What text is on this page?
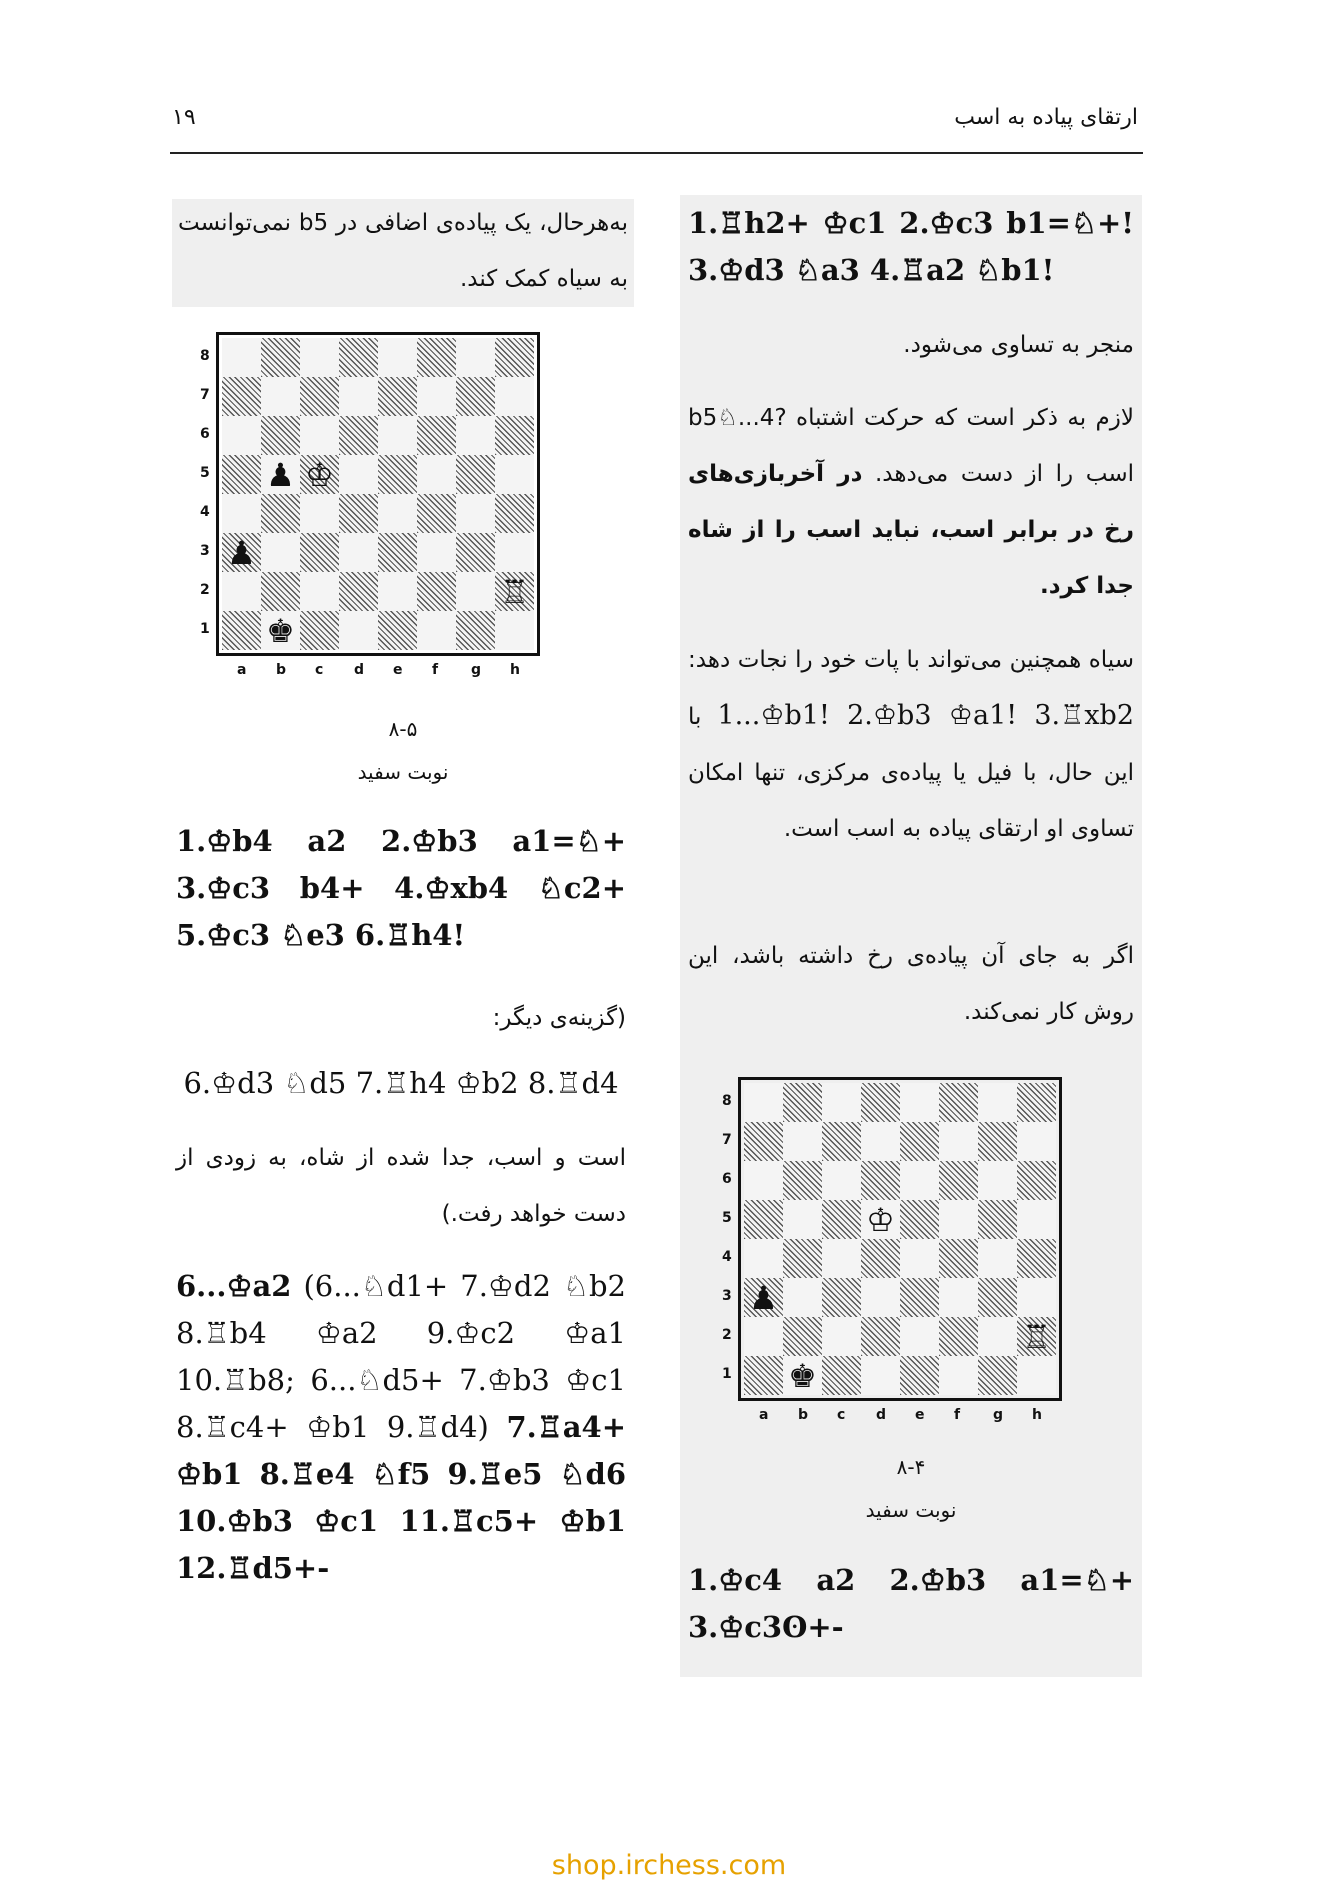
ارتقای پیاده به اسب
۱۹
1.♖h2+ ♔c1 2.♔c3 b1=♘+! 3.♔d3 ♘a3 4.♖a2 ♘b1!
منجر به تساوی می‌شود.
لازم به ذکر است که حرکت اشتباه ?4...♘b5 اسب را از دست می‌دهد. در آخربازی‌های رخ در برابر اسب، نباید اسب را از شاه جدا کرد.
سیاه همچنین می‌تواند با پات خود را نجات دهد: 1...♔b1! 2.♔b3 ♔a1! 3.♖xb2 با این حال، با فیل یا پیاده‌ی مرکزی، تنها امکان تساوی او ارتقای پیاده به اسب است.
اگر به جای آن پیاده‌ی رخ داشته باشد، این روش کار نمی‌کند.
♔
♟
♖
♚
8
7
6
5
4
3
2
1
a b c d e f g h
۸-۴
نوبت سفید
1.♔c4 a2 2.♔b3 a1=♘+ 3.♔c3ʘ+-
به‌هرحال، یک پیاده‌ی اضافی در b5 نمی‌توانست به سیاه کمک کند.
♟ ♔
♟
♖
♚
8
7
6
5
4
3
2
1
a b c d e f g h
۸-۵
نوبت سفید
1.♔b4 a2 2.♔b3 a1=♘+ 3.♔c3 b4+ 4.♔xb4 ♘c2+ 5.♔c3 ♘e3 6.♖h4!
(گزینه‌ی دیگر:
6.♔d3 ♘d5 7.♖h4 ♔b2 8.♖d4
است و اسب، جدا شده از شاه، به زودی از دست خواهد رفت.)
6...♔a2 (6...♘d1+ 7.♔d2 ♘b2 8.♖b4 ♔a2 9.♔c2 ♔a1 10.♖b8; 6...♘d5+ 7.♔b3 ♔c1 8.♖c4+ ♔b1 9.♖d4) 7.♖a4+ ♔b1 8.♖e4 ♘f5 9.♖e5 ♘d6 10.♔b3 ♔c1 11.♖c5+ ♔b1 12.♖d5+-
shop.irchess.com
